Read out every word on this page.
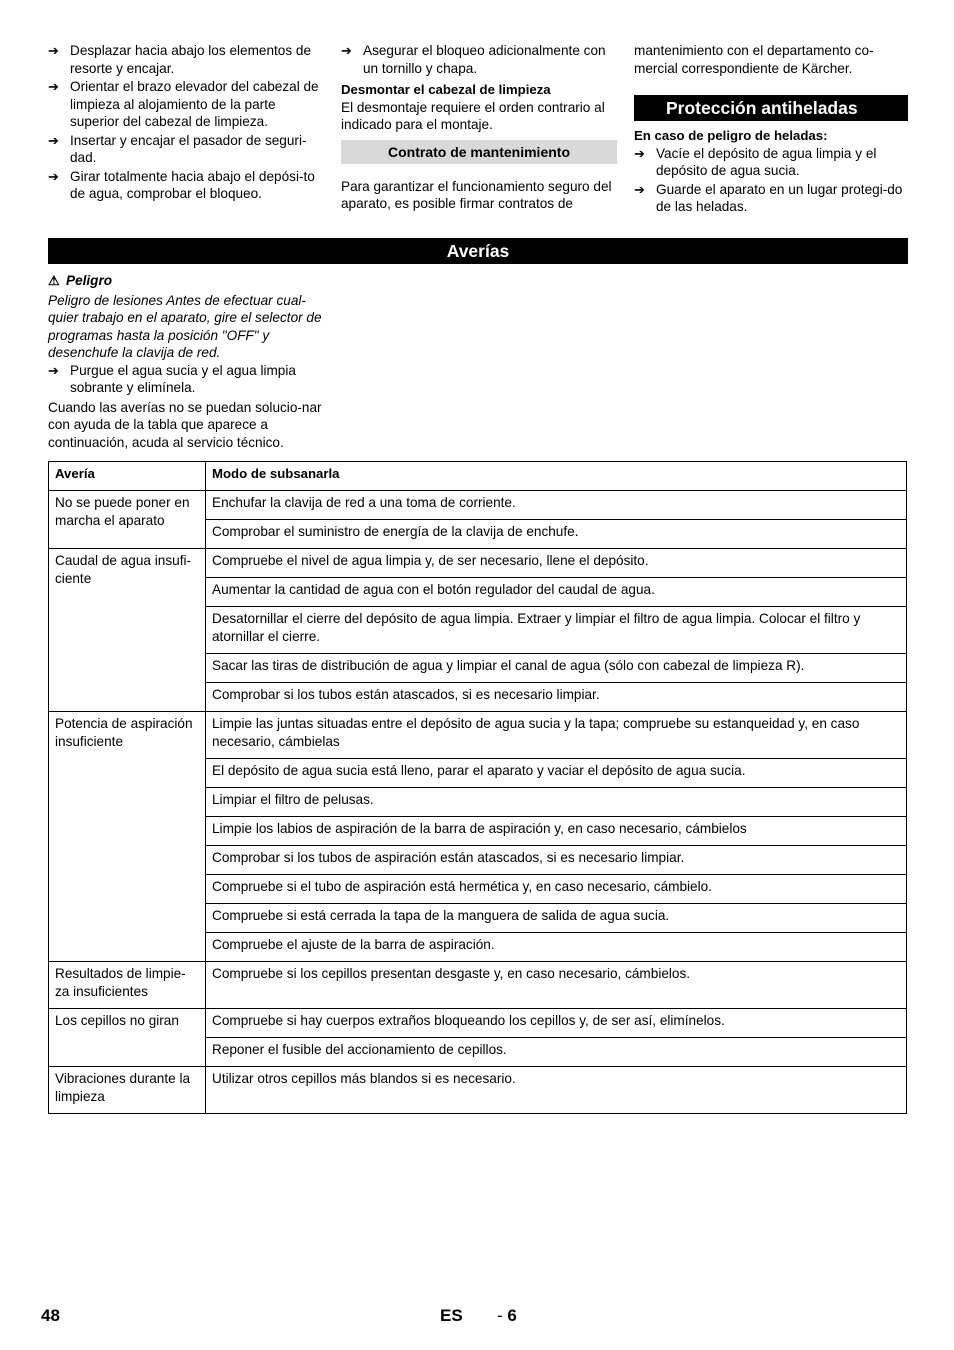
➔ Desplazar hacia abajo los elementos de resorte y encajar.
➔ Orientar el brazo elevador del cabezal de limpieza al alojamiento de la parte superior del cabezal de limpieza.
➔ Insertar y encajar el pasador de seguri-dad.
➔ Girar totalmente hacia abajo el depósi-to de agua, comprobar el bloqueo.
➔ Asegurar el bloqueo adicionalmente con un tornillo y chapa.
Desmontar el cabezal de limpieza
El desmontaje requiere el orden contrario al indicado para el montaje.
Contrato de mantenimiento
Para garantizar el funcionamiento seguro del aparato, es posible firmar contratos de
mantenimiento con el departamento co-mercial correspondiente de Kärcher.
Protección antiheladas
En caso de peligro de heladas:
➔ Vacíe el depósito de agua limpia y el depósito de agua sucia.
➔ Guarde el aparato en un lugar protegi-do de las heladas.
Averías
⚠ Peligro
Peligro de lesiones Antes de efectuar cual-quier trabajo en el aparato, gire el selector de programas hasta la posición "OFF" y desenchufe la clavija de red.
➔ Purgue el agua sucia y el agua limpia sobrante y elimínela.
Cuando las averías no se puedan solucio-nar con ayuda de la tabla que aparece a continuación, acuda al servicio técnico.
Avería	Modo de subsanarla
No se puede poner en marcha el aparato	Enchufar la clavija de red a una toma de corriente.
	Comprobar el suministro de energía de la clavija de enchufe.
Caudal de agua insufi-ciente	Compruebe el nivel de agua limpia y, de ser necesario, llene el depósito.
	Aumentar la cantidad de agua con el botón regulador del caudal de agua.
	Desatornillar el cierre del depósito de agua limpia. Extraer y limpiar el filtro de agua limpia. Colocar el filtro y atornillar el cierre.
	Sacar las tiras de distribución de agua y limpiar el canal de agua (sólo con cabezal de limpieza R).
	Comprobar si los tubos están atascados, si es necesario limpiar.
Potencia de aspiración insuficiente	Limpie las juntas situadas entre el depósito de agua sucia y la tapa; compruebe su estanqueidad y, en caso necesario, cámbielas
	El depósito de agua sucia está lleno, parar el aparato y vaciar el depósito de agua sucia.
	Limpiar el filtro de pelusas.
	Limpie los labios de aspiración de la barra de aspiración y, en caso necesario, cámbielos
	Comprobar si los tubos de aspiración están atascados, si es necesario limpiar.
	Compruebe si el tubo de aspiración está hermética y, en caso necesario, cámbielo.
	Compruebe si está cerrada la tapa de la manguera de salida de agua sucia.
	Compruebe el ajuste de la barra de aspiración.
Resultados de limpie-za insuficientes	Compruebe si los cepillos presentan desgaste y, en caso necesario, cámbielos.
Los cepillos no giran	Compruebe si hay cuerpos extraños bloqueando los cepillos y, de ser así, elimínelos.
	Reponer el fusible del accionamiento de cepillos.
Vibraciones durante la limpieza	Utilizar otros cepillos más blandos si es necesario.
48	ES - 6
